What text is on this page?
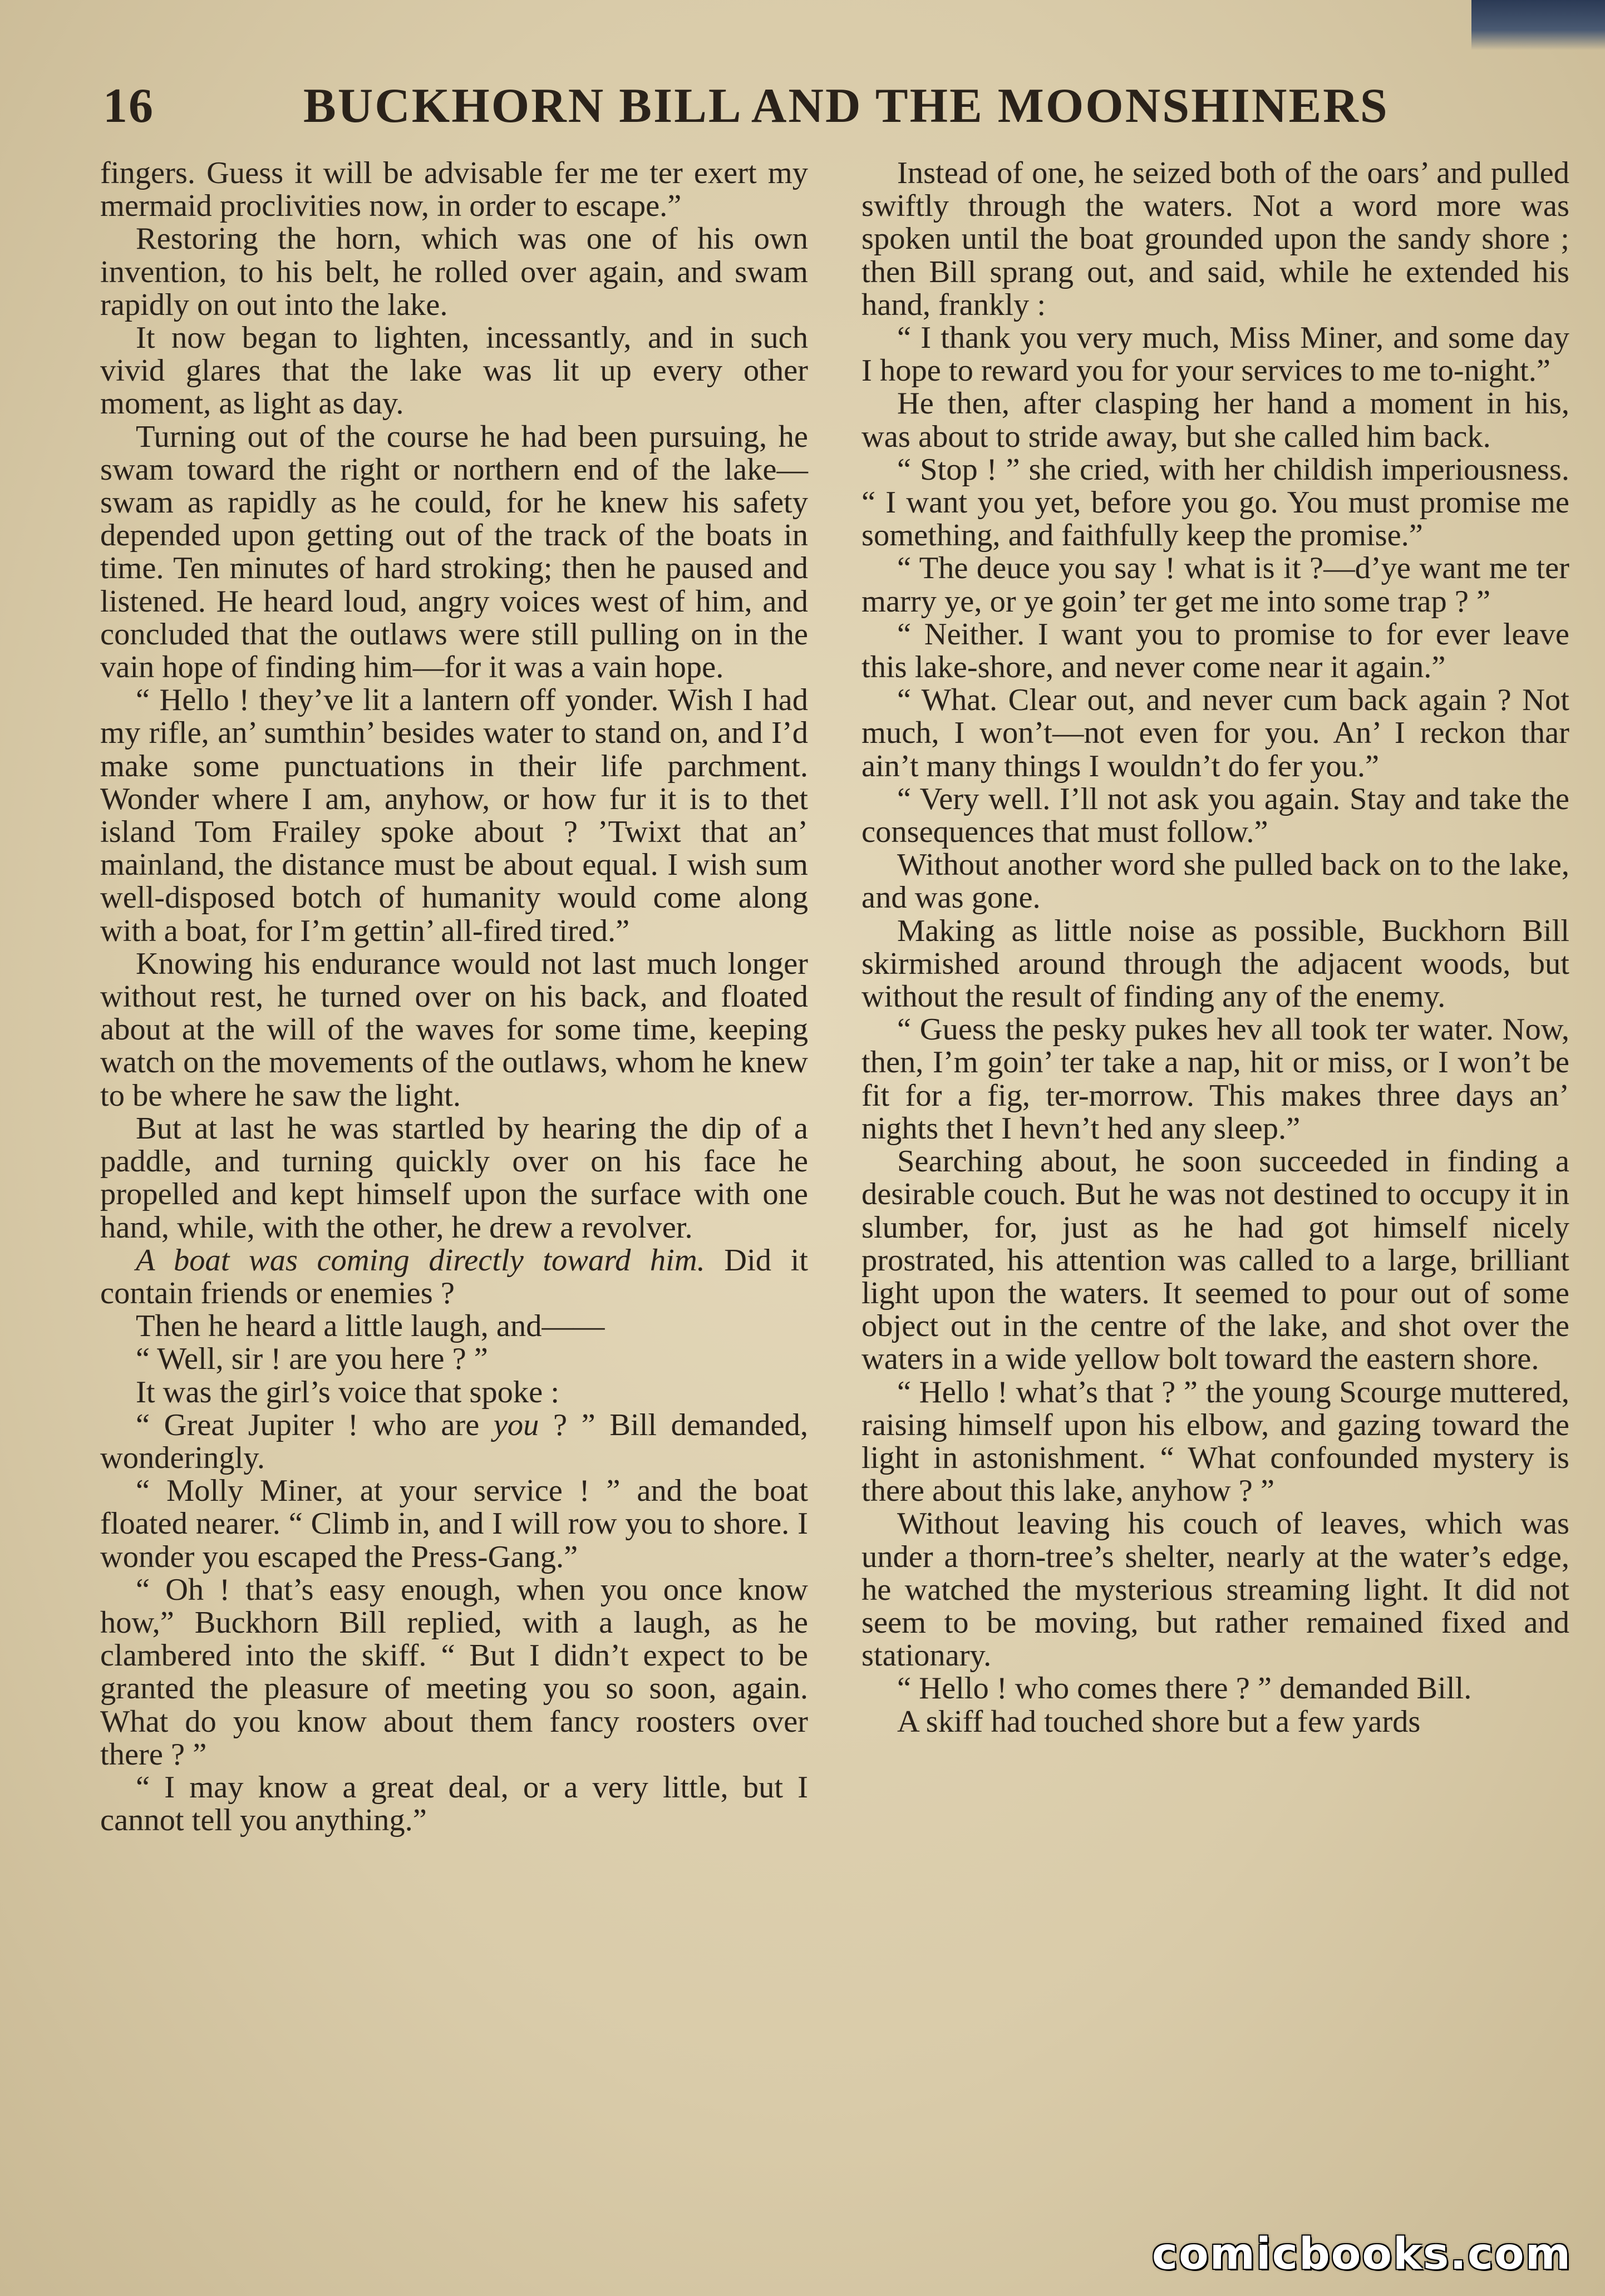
16	BUCKHORN BILL AND THE MOONSHINERS

fingers. Guess it will be advisable fer me ter exert my mermaid proclivities now, in order to escape.”

Restoring the horn, which was one of his own invention, to his belt, he rolled over again, and swam rapidly on out into the lake.

It now began to lighten, incessantly, and in such vivid glares that the lake was lit up every other moment, as light as day.

Turning out of the course he had been pursuing, he swam toward the right or northern end of the lake—swam as rapidly as he could, for he knew his safety depended upon getting out of the track of the boats in time. Ten minutes of hard stroking; then he paused and listened. He heard loud, angry voices west of him, and concluded that the outlaws were still pulling on in the vain hope of finding him—for it was a vain hope.

“ Hello ! they’ve lit a lantern off yonder. Wish I had my rifle, an’ sumthin’ besides water to stand on, and I’d make some punctuations in their life parchment. Wonder where I am, anyhow, or how fur it is to thet island Tom Frailey spoke about ? ’Twixt that an’ mainland, the distance must be about equal. I wish sum well-disposed botch of humanity would come along with a boat, for I’m gettin’ all-fired tired.”

Knowing his endurance would not last much longer without rest, he turned over on his back, and floated about at the will of the waves for some time, keeping watch on the movements of the outlaws, whom he knew to be where he saw the light.

But at last he was startled by hearing the dip of a paddle, and turning quickly over on his face he propelled and kept himself upon the surface with one hand, while, with the other, he drew a revolver.

A boat was coming directly toward him. Did it contain friends or enemies ?

Then he heard a little laugh, and——

“ Well, sir ! are you here ? ”

It was the girl’s voice that spoke :

“ Great Jupiter ! who are you ? ” Bill demanded, wonderingly.

“ Molly Miner, at your service ! ” and the boat floated nearer. “ Climb in, and I will row you to shore. I wonder you escaped the Press-Gang.”

“ Oh ! that’s easy enough, when you once know how,” Buckhorn Bill replied, with a laugh, as he clambered into the skiff. “ But I didn’t expect to be granted the pleasure of meeting you so soon, again. What do you know about them fancy roosters over there ? ”

“ I may know a great deal, or a very little, but I cannot tell you anything.”

Instead of one, he seized both of the oars’ and pulled swiftly through the waters. Not a word more was spoken until the boat grounded upon the sandy shore ; then Bill sprang out, and said, while he extended his hand, frankly :

“ I thank you very much, Miss Miner, and some day I hope to reward you for your services to me to-night.”

He then, after clasping her hand a moment in his, was about to stride away, but she called him back.

“ Stop ! ” she cried, with her childish imperiousness. “ I want you yet, before you go. You must promise me something, and faithfully keep the promise.”

“ The deuce you say ! what is it ?—d’ye want me ter marry ye, or ye goin’ ter get me into some trap ? ”

“ Neither. I want you to promise to for ever leave this lake-shore, and never come near it again.”

“ What. Clear out, and never cum back again ? Not much, I won’t—not even for you. An’ I reckon thar ain’t many things I wouldn’t do fer you.”

“ Very well. I’ll not ask you again. Stay and take the consequences that must follow.”

Without another word she pulled back on to the lake, and was gone.

Making as little noise as possible, Buckhorn Bill skirmished around through the adjacent woods, but without the result of finding any of the enemy.

“ Guess the pesky pukes hev all took ter water. Now, then, I’m goin’ ter take a nap, hit or miss, or I won’t be fit for a fig, ter-morrow. This makes three days an’ nights thet I hevn’t hed any sleep.”

Searching about, he soon succeeded in finding a desirable couch. But he was not destined to occupy it in slumber, for, just as he had got himself nicely prostrated, his attention was called to a large, brilliant light upon the waters. It seemed to pour out of some object out in the centre of the lake, and shot over the waters in a wide yellow bolt toward the eastern shore.

“ Hello ! what’s that ? ” the young Scourge muttered, raising himself upon his elbow, and gazing toward the light in astonishment. “ What confounded mystery is there about this lake, anyhow ? ”

Without leaving his couch of leaves, which was under a thorn-tree’s shelter, nearly at the water’s edge, he watched the mysterious streaming light. It did not seem to be moving, but rather remained fixed and stationary.

“ Hello ! who comes there ? ” demanded Bill.

A skiff had touched shore but a few yards

comicbooks.com
